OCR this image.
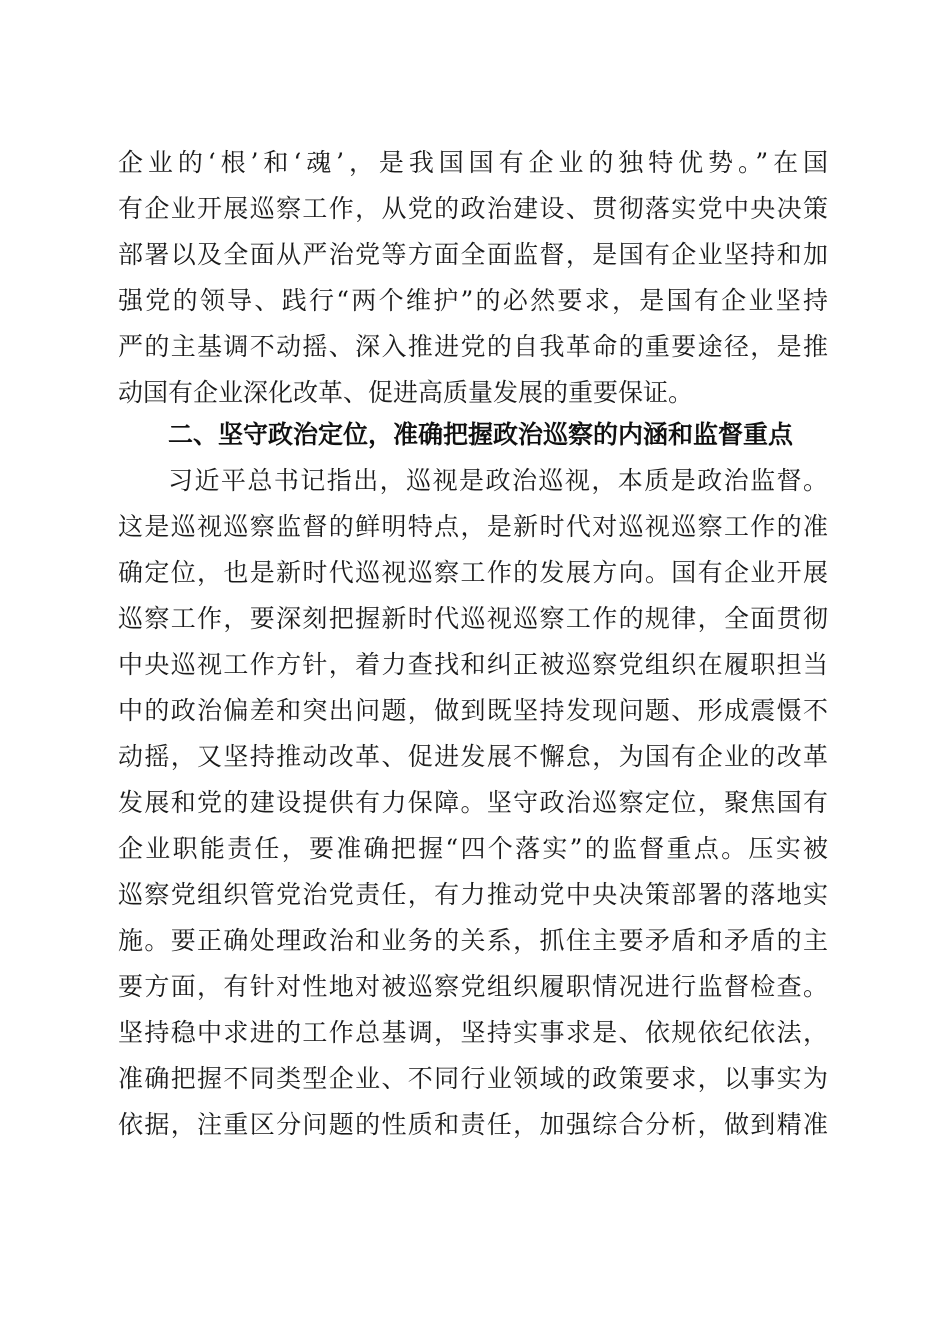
企业的‘根’和‘魂’，是我国国有企业的独特优势。”在国
有企业开展巡察工作，从党的政治建设、贯彻落实党中央决策
部署以及全面从严治党等方面全面监督，是国有企业坚持和加
强党的领导、践行“两个维护”的必然要求，是国有企业坚持
严的主基调不动摇、深入推进党的自我革命的重要途径，是推
动国有企业深化改革、促进高质量发展的重要保证。
二、坚守政治定位，准确把握政治巡察的内涵和监督重点
习近平总书记指出，巡视是政治巡视，本质是政治监督。
这是巡视巡察监督的鲜明特点，是新时代对巡视巡察工作的准
确定位，也是新时代巡视巡察工作的发展方向。国有企业开展
巡察工作，要深刻把握新时代巡视巡察工作的规律，全面贯彻
中央巡视工作方针，着力查找和纠正被巡察党组织在履职担当
中的政治偏差和突出问题，做到既坚持发现问题、形成震慑不
动摇，又坚持推动改革、促进发展不懈怠，为国有企业的改革
发展和党的建设提供有力保障。坚守政治巡察定位，聚焦国有
企业职能责任，要准确把握“四个落实”的监督重点。压实被
巡察党组织管党治党责任，有力推动党中央决策部署的落地实
施。要正确处理政治和业务的关系，抓住主要矛盾和矛盾的主
要方面，有针对性地对被巡察党组织履职情况进行监督检查。
坚持稳中求进的工作总基调，坚持实事求是、依规依纪依法，
准确把握不同类型企业、不同行业领域的政策要求，以事实为
依据，注重区分问题的性质和责任，加强综合分析，做到精准
